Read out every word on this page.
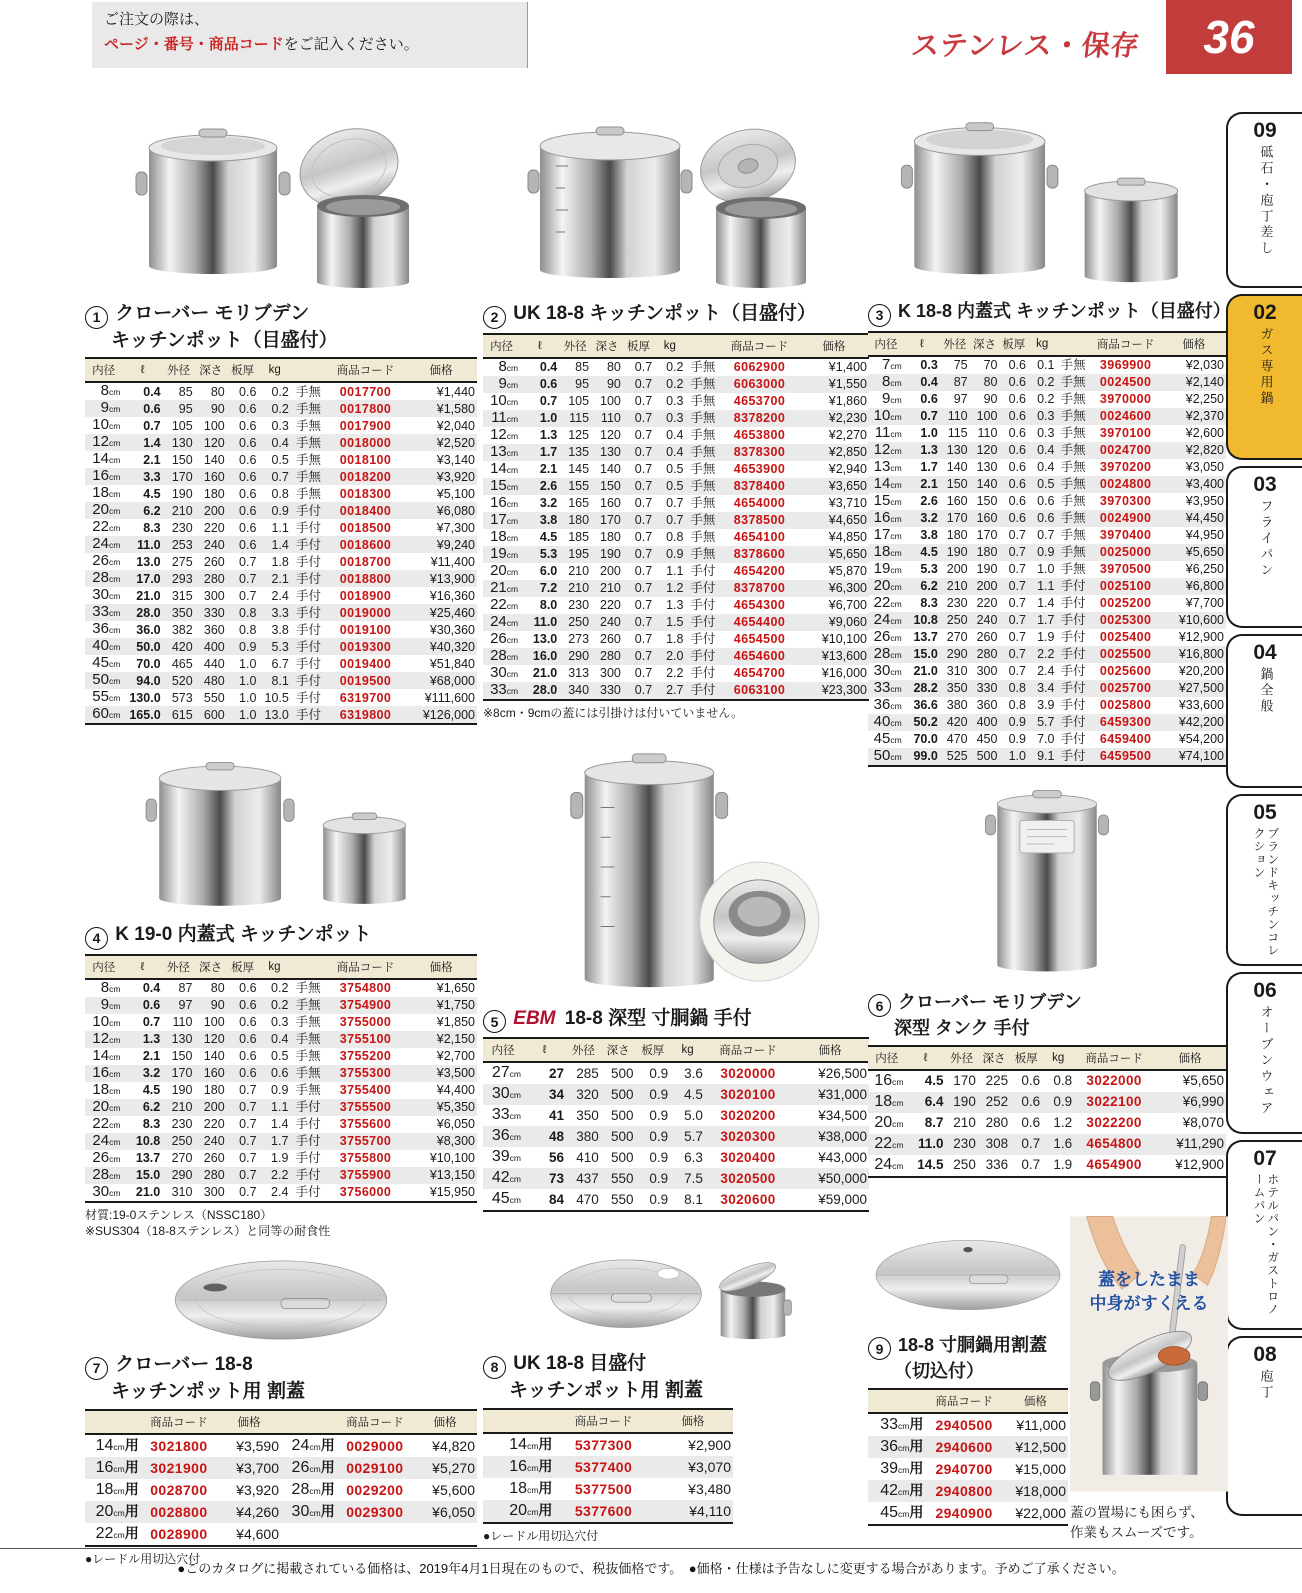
ご注文の際は、
ページ・番号・商品コードをご記入ください。	ステンレス・保存	36
09
砥石・庖丁差し
02
ガス専用鍋
03
フライパン
04
鍋全般
05
ブランドキッチンコレクション
06
オーブンウェア
07
ホテルパン・ガストロノームパン
08
庖丁
1 クローバー モリブデン
キッチンポット（目盛付）
内径	ℓ	外径	深さ	板厚	kg		商品コード	価格
8cm	0.4	85	80	0.6	0.2	手無	0017700	¥1,440
9cm	0.6	95	90	0.6	0.2	手無	0017800	¥1,580
10cm	0.7	105	100	0.6	0.3	手無	0017900	¥2,040
12cm	1.4	130	120	0.6	0.4	手無	0018000	¥2,520
14cm	2.1	150	140	0.6	0.5	手無	0018100	¥3,140
16cm	3.3	170	160	0.6	0.7	手無	0018200	¥3,920
18cm	4.5	190	180	0.6	0.8	手無	0018300	¥5,100
20cm	6.2	210	200	0.6	0.9	手付	0018400	¥6,080
22cm	8.3	230	220	0.6	1.1	手付	0018500	¥7,300
24cm	11.0	253	240	0.6	1.4	手付	0018600	¥9,240
26cm	13.0	275	260	0.7	1.8	手付	0018700	¥11,400
28cm	17.0	293	280	0.7	2.1	手付	0018800	¥13,900
30cm	21.0	315	300	0.7	2.4	手付	0018900	¥16,360
33cm	28.0	350	330	0.8	3.3	手付	0019000	¥25,460
36cm	36.0	382	360	0.8	3.8	手付	0019100	¥30,360
40cm	50.0	420	400	0.9	5.3	手付	0019300	¥40,320
45cm	70.0	465	440	1.0	6.7	手付	0019400	¥51,840
50cm	94.0	520	480	1.0	8.1	手付	0019500	¥68,000
55cm	130.0	573	550	1.0	10.5	手付	6319700	¥111,600
60cm	165.0	615	600	1.0	13.0	手付	6319800	¥126,000
4 K 19-0 内蓋式 キッチンポット
内径	ℓ	外径	深さ	板厚	kg		商品コード	価格
8cm	0.4	87	80	0.6	0.2	手無	3754800	¥1,650
9cm	0.6	97	90	0.6	0.2	手無	3754900	¥1,750
10cm	0.7	110	100	0.6	0.3	手無	3755000	¥1,850
12cm	1.3	130	120	0.6	0.4	手無	3755100	¥2,150
14cm	2.1	150	140	0.6	0.5	手無	3755200	¥2,700
16cm	3.2	170	160	0.6	0.6	手無	3755300	¥3,500
18cm	4.5	190	180	0.7	0.9	手無	3755400	¥4,400
20cm	6.2	210	200	0.7	1.1	手付	3755500	¥5,350
22cm	8.3	230	220	0.7	1.4	手付	3755600	¥6,050
24cm	10.8	250	240	0.7	1.7	手付	3755700	¥8,300
26cm	13.7	270	260	0.7	1.9	手付	3755800	¥10,100
28cm	15.0	290	280	0.7	2.2	手付	3755900	¥13,150
30cm	21.0	310	300	0.7	2.4	手付	3756000	¥15,950

材質:19-0ステンレス（NSSC180）

※SUS304（18-8ステンレス）と同等の耐食性

7 クローバー 18-8
キッチンポット用 割蓋
	商品コード	価格		商品コード	価格
14cm用	3021800	¥3,590	24cm用	0029000	¥4,820
16cm用	3021900	¥3,700	26cm用	0029100	¥5,270
18cm用	0028700	¥3,920	28cm用	0029200	¥5,600
20cm用	0028800	¥4,260	30cm用	0029300	¥6,050
22cm用	0028900	¥4,600			

●レードル用切込穴付

2 UK 18-8 キッチンポット（目盛付）
内径	ℓ	外径	深さ	板厚	kg		商品コード	価格
8cm	0.4	85	80	0.7	0.2	手無	6062900	¥1,400
9cm	0.6	95	90	0.7	0.2	手無	6063000	¥1,550
10cm	0.7	105	100	0.7	0.3	手無	4653700	¥1,860
11cm	1.0	115	110	0.7	0.3	手無	8378200	¥2,230
12cm	1.3	125	120	0.7	0.4	手無	4653800	¥2,270
13cm	1.7	135	130	0.7	0.4	手無	8378300	¥2,850
14cm	2.1	145	140	0.7	0.5	手無	4653900	¥2,940
15cm	2.6	155	150	0.7	0.5	手無	8378400	¥3,650
16cm	3.2	165	160	0.7	0.7	手無	4654000	¥3,710
17cm	3.8	180	170	0.7	0.7	手無	8378500	¥4,650
18cm	4.5	185	180	0.7	0.8	手無	4654100	¥4,850
19cm	5.3	195	190	0.7	0.9	手無	8378600	¥5,650
20cm	6.0	210	200	0.7	1.1	手付	4654200	¥5,870
21cm	7.2	210	210	0.7	1.2	手付	8378700	¥6,300
22cm	8.0	230	220	0.7	1.3	手付	4654300	¥6,700
24cm	11.0	250	240	0.7	1.5	手付	4654400	¥9,060
26cm	13.0	273	260	0.7	1.8	手付	4654500	¥10,100
28cm	16.0	290	280	0.7	2.0	手付	4654600	¥13,600
30cm	21.0	313	300	0.7	2.2	手付	4654700	¥16,000
33cm	28.0	340	330	0.7	2.7	手付	6063100	¥23,300

※8cm・9cmの蓋には引掛けは付いていません。

5 EBM 18-8 深型 寸胴鍋 手付
内径	ℓ	外径	深さ	板厚	kg	商品コード	価格
27cm	27	285	500	0.9	3.6	3020000	¥26,500
30cm	34	320	500	0.9	4.5	3020100	¥31,000
33cm	41	350	500	0.9	5.0	3020200	¥34,500
36cm	48	380	500	0.9	5.7	3020300	¥38,000
39cm	56	410	500	0.9	6.3	3020400	¥43,000
42cm	73	437	550	0.9	7.5	3020500	¥50,000
45cm	84	470	550	0.9	8.1	3020600	¥59,000
8 UK 18-8 目盛付
キッチンポット用 割蓋
	商品コード	価格
14cm用	5377300	¥2,900
16cm用	5377400	¥3,070
18cm用	5377500	¥3,480
20cm用	5377600	¥4,110

●レードル用切込穴付

3 K 18-8 内蓋式 キッチンポット（目盛付）
内径	ℓ	外径	深さ	板厚	kg		商品コード	価格
7cm	0.3	75	70	0.6	0.1	手無	3969900	¥2,030
8cm	0.4	87	80	0.6	0.2	手無	0024500	¥2,140
9cm	0.6	97	90	0.6	0.2	手無	3970000	¥2,250
10cm	0.7	110	100	0.6	0.3	手無	0024600	¥2,370
11cm	1.0	115	110	0.6	0.3	手無	3970100	¥2,600
12cm	1.3	130	120	0.6	0.4	手無	0024700	¥2,820
13cm	1.7	140	130	0.6	0.4	手無	3970200	¥3,050
14cm	2.1	150	140	0.6	0.5	手無	0024800	¥3,400
15cm	2.6	160	150	0.6	0.6	手無	3970300	¥3,950
16cm	3.2	170	160	0.6	0.6	手無	0024900	¥4,450
17cm	3.8	180	170	0.7	0.7	手無	3970400	¥4,950
18cm	4.5	190	180	0.7	0.9	手無	0025000	¥5,650
19cm	5.3	200	190	0.7	1.0	手無	3970500	¥6,250
20cm	6.2	210	200	0.7	1.1	手付	0025100	¥6,800
22cm	8.3	230	220	0.7	1.4	手付	0025200	¥7,700
24cm	10.8	250	240	0.7	1.7	手付	0025300	¥10,600
26cm	13.7	270	260	0.7	1.9	手付	0025400	¥12,900
28cm	15.0	290	280	0.7	2.2	手付	0025500	¥16,800
30cm	21.0	310	300	0.7	2.4	手付	0025600	¥20,200
33cm	28.2	350	330	0.8	3.4	手付	0025700	¥27,500
36cm	36.6	380	360	0.8	3.9	手付	0025800	¥33,600
40cm	50.2	420	400	0.9	5.7	手付	6459300	¥42,200
45cm	70.0	470	450	0.9	7.0	手付	6459400	¥54,200
50cm	99.0	525	500	1.0	9.1	手付	6459500	¥74,100
6 クローバー モリブデン
深型 タンク 手付
内径	ℓ	外径	深さ	板厚	kg	商品コード	価格
16cm	4.5	170	225	0.6	0.8	3022000	¥5,650
18cm	6.4	190	252	0.6	0.9	3022100	¥6,990
20cm	8.7	210	280	0.6	1.2	3022200	¥8,070
22cm	11.0	230	308	0.7	1.6	4654800	¥11,290
24cm	14.5	250	336	0.7	1.9	4654900	¥12,900
9 18-8 寸胴鍋用割蓋
（切込付）
	商品コード	価格
33cm用	2940500	¥11,000
36cm用	2940600	¥12,500
39cm用	2940700	¥15,000
42cm用	2940800	¥18,000
45cm用	2940900	¥22,000
蓋をしたまま
中身がすくえる
蓋の置場にも困らず、
作業もスムーズです。
●このカタログに掲載されている価格は、2019年4月1日現在のもので、税抜価格です。　●価格・仕様は予告なしに変更する場合があります。予めご了承ください。
